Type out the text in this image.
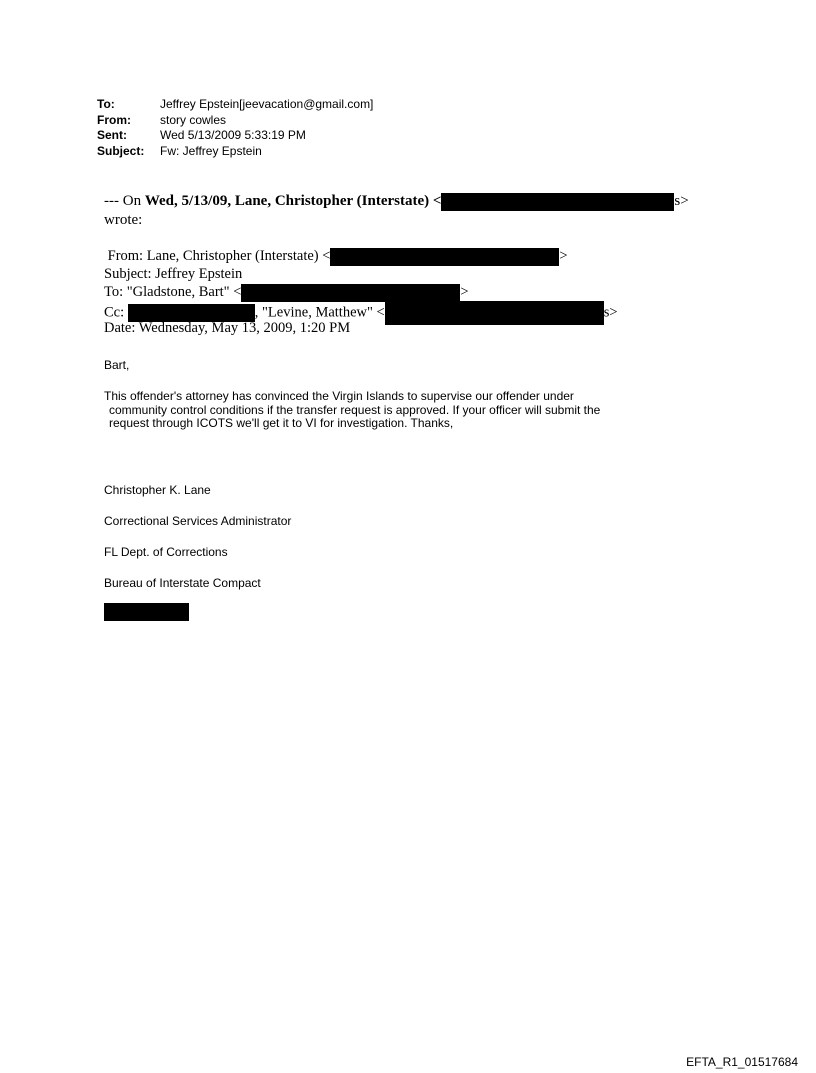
To:	Jeffrey Epstein[jeevacation@gmail.com]
From:	story cowles
Sent:	Wed 5/13/2009 5:33:19 PM
Subject:	Fw: Jeffrey Epstein
--- On Wed, 5/13/09, Lane, Christopher (Interstate) <	s>
wrote:
From: Lane, Christopher (Interstate) <	>
Subject: Jeffrey Epstein
To: "Gladstone, Bart" <	>
Cc:	, "Levine, Matthew" <	s>
Date: Wednesday, May 13, 2009, 1:20 PM
Bart,
This offender's attorney has convinced the Virgin Islands to supervise our offender under
community control conditions if the transfer request is approved. If your officer will submit the
request through ICOTS we'll get it to VI for investigation. Thanks,
Christopher K. Lane
Correctional Services Administrator
FL Dept. of Corrections
Bureau of Interstate Compact
EFTA_R1_01517684
